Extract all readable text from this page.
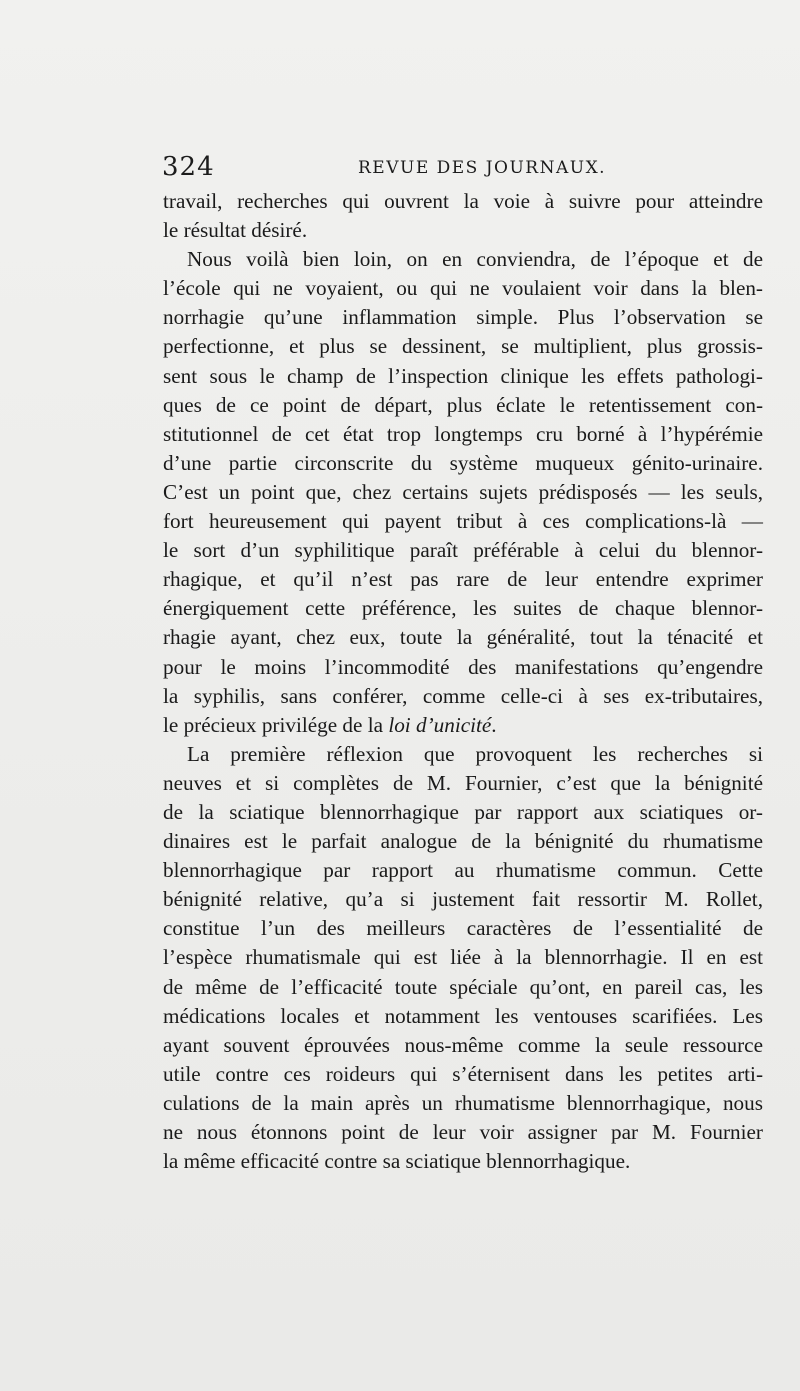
324	REVUE DES JOURNAUX.
travail, recherches qui ouvrent la voie à suivre pour atteindre
le résultat désiré.
Nous voilà bien loin, on en conviendra, de l’époque et de
l’école qui ne voyaient, ou qui ne voulaient voir dans la blen-
norrhagie qu’une inflammation simple. Plus l’observation se
perfectionne, et plus se dessinent, se multiplient, plus grossis-
sent sous le champ de l’inspection clinique les effets pathologi-
ques de ce point de départ, plus éclate le retentissement con-
stitutionnel de cet état trop longtemps cru borné à l’hypérémie
d’une partie circonscrite du système muqueux génito-urinaire.
C’est un point que, chez certains sujets prédisposés — les seuls,
fort heureusement qui payent tribut à ces complications-là —
le sort d’un syphilitique paraît préférable à celui du blennor-
rhagique, et qu’il n’est pas rare de leur entendre exprimer
énergiquement cette préférence, les suites de chaque blennor-
rhagie ayant, chez eux, toute la généralité, tout la ténacité et
pour le moins l’incommodité des manifestations qu’engendre
la syphilis, sans conférer, comme celle-ci à ses ex-tributaires,
le précieux privilége de la loi d’unicité.
La première réflexion que provoquent les recherches si
neuves et si complètes de M. Fournier, c’est que la bénignité
de la sciatique blennorrhagique par rapport aux sciatiques or-
dinaires est le parfait analogue de la bénignité du rhumatisme
blennorrhagique par rapport au rhumatisme commun. Cette
bénignité relative, qu’a si justement fait ressortir M. Rollet,
constitue l’un des meilleurs caractères de l’essentialité de
l’espèce rhumatismale qui est liée à la blennorrhagie. Il en est
de même de l’efficacité toute spéciale qu’ont, en pareil cas, les
médications locales et notamment les ventouses scarifiées. Les
ayant souvent éprouvées nous-même comme la seule ressource
utile contre ces roideurs qui s’éternisent dans les petites arti-
culations de la main après un rhumatisme blennorrhagique, nous
ne nous étonnons point de leur voir assigner par M. Fournier
la même efficacité contre sa sciatique blennorrhagique.
